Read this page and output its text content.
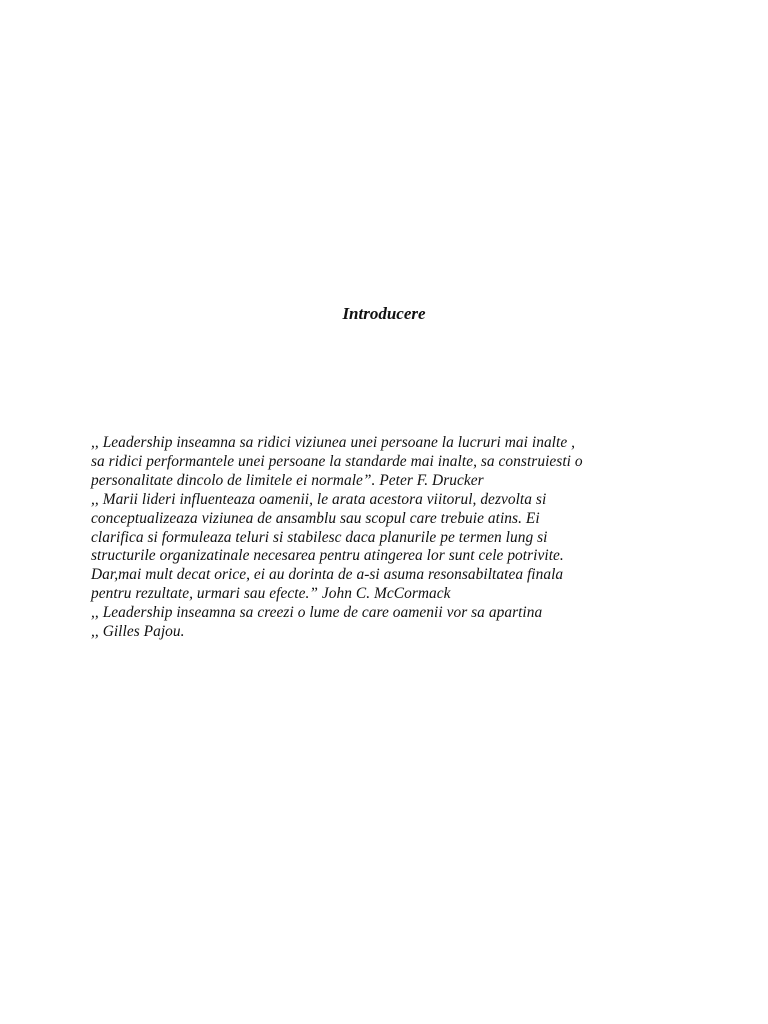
Introducere
,, Leadership inseamna sa ridici viziunea unei persoane la lucruri mai inalte ,
sa ridici performantele unei persoane la standarde mai inalte, sa construiesti o
personalitate dincolo de limitele ei normale”. Peter F. Drucker
,, Marii lideri influenteaza oamenii, le arata acestora viitorul, dezvolta si
conceptualizeaza viziunea de ansamblu sau scopul care trebuie atins. Ei
clarifica si formuleaza teluri si stabilesc daca planurile pe termen lung si
structurile organizatinale necesarea pentru atingerea lor sunt cele potrivite.
Dar,mai mult decat orice, ei au dorinta de a-si asuma resonsabiltatea finala
pentru rezultate, urmari sau efecte.” John C. McCormack
,, Leadership inseamna sa creezi o lume de care oamenii vor sa apartina
,, Gilles Pajou.
